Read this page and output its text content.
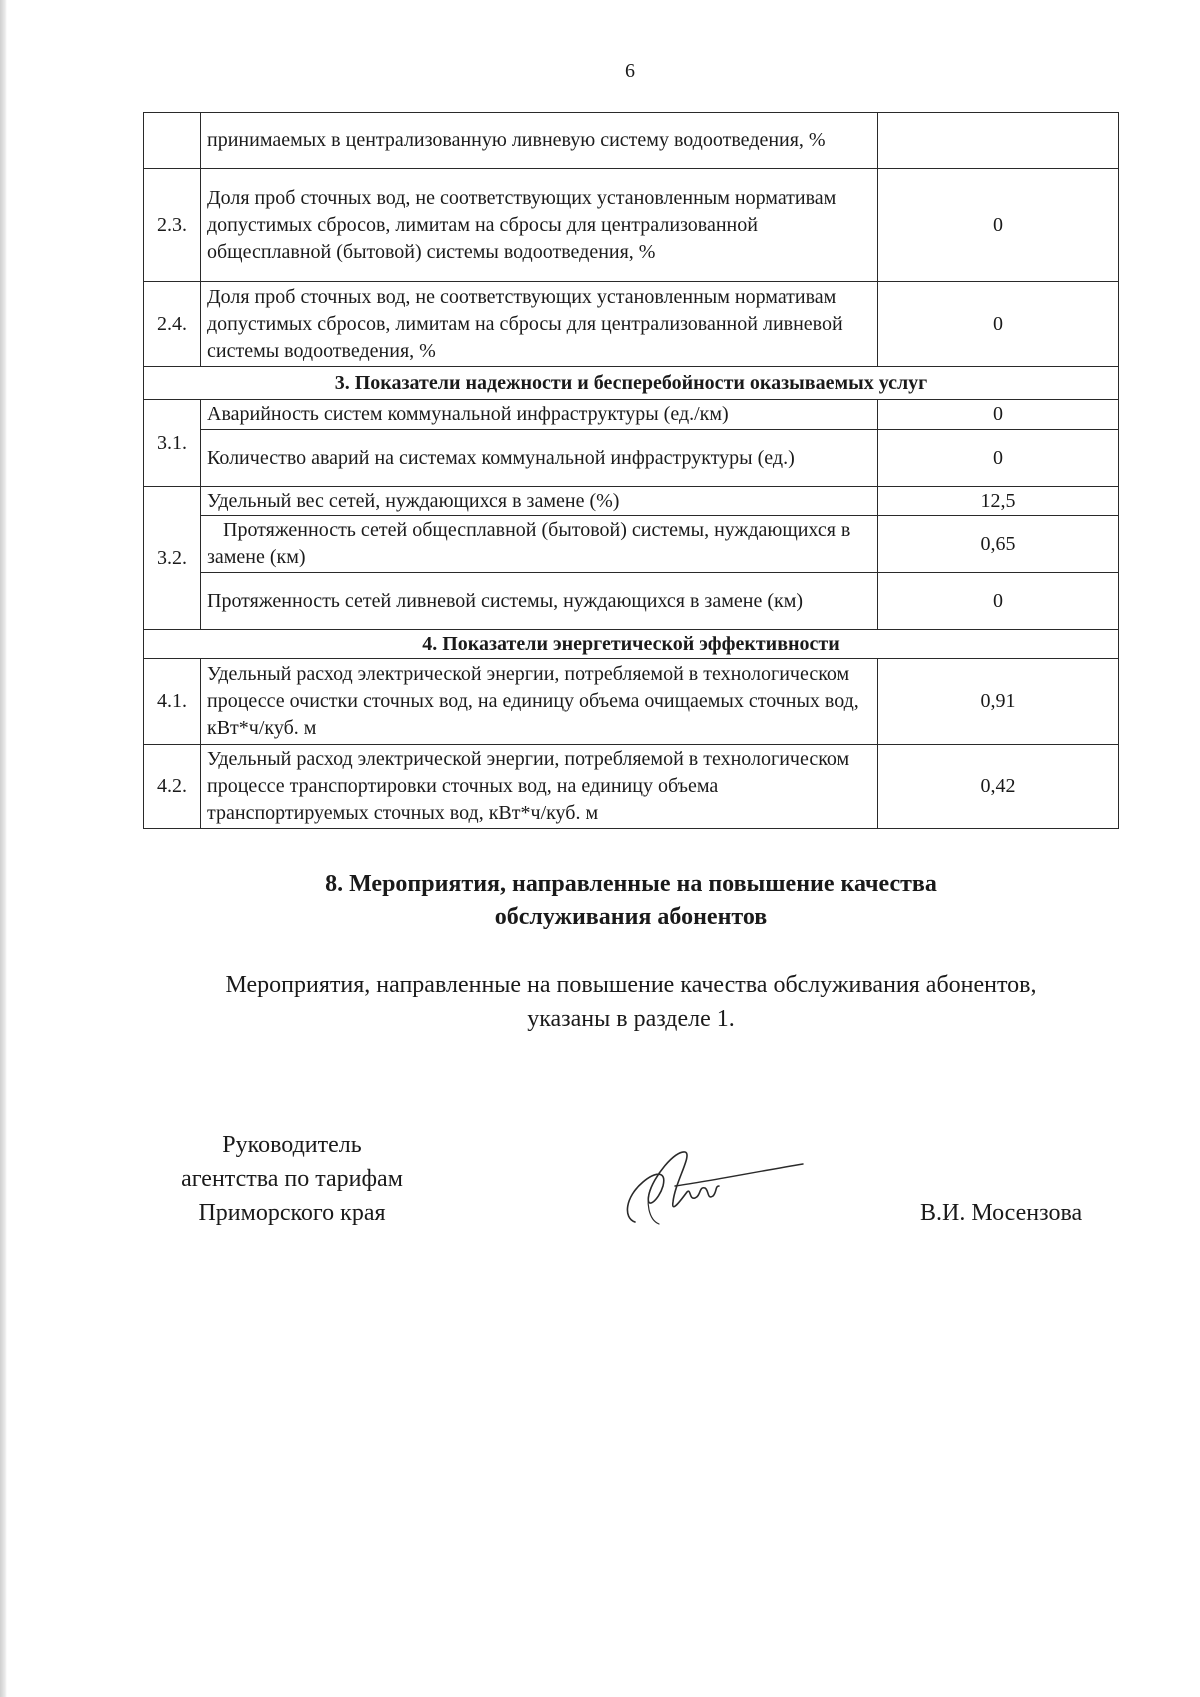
6
	принимаемых в централизованную ливневую систему водоотведения, %	
2.3.	Доля проб сточных вод, не соответствующих установленным нормативам допустимых сбросов, лимитам на сбросы для централизованной общесплавной (бытовой) системы водоотведения, %	0
2.4.	Доля проб сточных вод, не соответствующих установленным нормативам допустимых сбросов, лимитам на сбросы для централизованной ливневой системы водоотведения, %	0
3. Показатели надежности и бесперебойности оказываемых услуг		
3.1.	Аварийность систем коммунальной инфраструктуры (ед./км)	0
	Количество аварий на системах коммунальной инфраструктуры (ед.)	0
3.2.	Удельный вес сетей, нуждающихся в замене (%)	12,5
	Протяженность сетей общесплавной (бытовой) системы, нуждающихся в замене (км)	0,65
	Протяженность сетей ливневой системы, нуждающихся в замене (км)	0
4. Показатели энергетической эффективности		
4.1.	Удельный расход электрической энергии, потребляемой в технологическом процессе очистки сточных вод, на единицу объема очищаемых сточных вод, кВт*ч/куб. м	0,91
4.2.	Удельный расход электрической энергии, потребляемой в технологическом процессе транспортировки сточных вод, на единицу объема транспортируемых сточных вод, кВт*ч/куб. м	0,42
8. Мероприятия, направленные на повышение качества
обслуживания абонентов
Мероприятия, направленные на повышение качества обслуживания абонентов,
указаны в разделе 1.
Руководитель
агентства по тарифам
Приморского края	В.И. Мосензова
